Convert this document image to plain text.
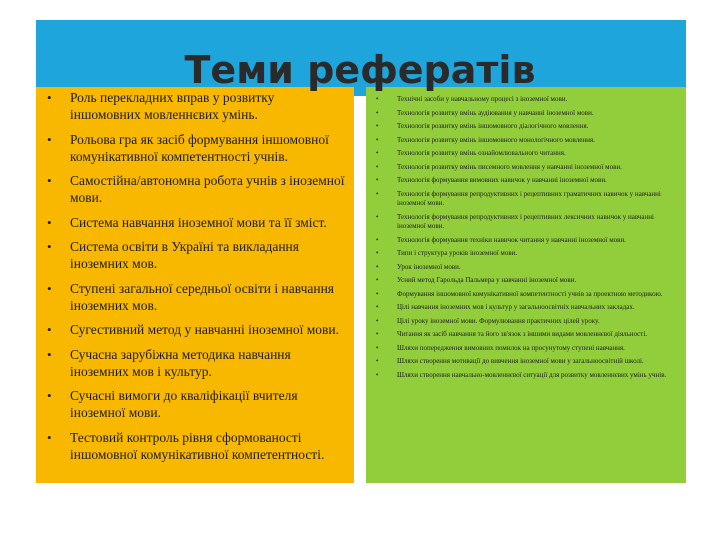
Теми рефератів
• Роль перекладних вправ у розвитку іншомовних мовленнєвих умінь.
• Рольова гра як засіб формування іншомовної комунікативної компетентності учнів.
• Самостійна/автономна робота учнів з іноземної мови.
• Система навчання іноземної мови та її зміст.
• Система освіти в Україні та викладання іноземних мов.
• Ступені загальної середньої освіти і навчання іноземних мов.
• Сугестивний метод у навчанні іноземної мови.
• Сучасна зарубіжна методика навчання іноземних мов і культур.
• Сучасні вимоги до кваліфікації вчителя іноземної мови.
• Тестовий контроль рівня сформованості іншомовної комунікативної компетентності.
• Технічні засоби у навчальному процесі з іноземної мови.
• Технологія розвитку вмінь аудіювання у навчанні іноземної мови.
• Технологія розвитку вмінь іншомовного діалогічного мовлення.
• Технологія розвитку вмінь іншомовного монологічного мовлення.
• Технологія розвитку вмінь ознайомлювального читання.
• Технологія розвитку вмінь писемного мовлення у навчанні іноземної мови.
• Технологія формування вимовних навичок у навчанні іноземної мови.
• Технологія формування репродуктивних і рецептивних граматичних навичок у навчанні іноземної мови.
• Технологія формування репродуктивних і рецептивних лексичних навичок у навчанні іноземної мови.
• Технологія формування техніки навичок читання у навчанні іноземної мови.
• Типи і структура уроків іноземної мови.
• Урок іноземної мови.
• Усний метод Гарольда Пальмера у навчанні іноземної мови.
• Формування іншомовної комунікативної компетентності учнів за проектною методикою.
• Цілі навчання іноземних мов і культур у загальноосвітніх навчальних закладах.
• Цілі уроку іноземної мови. Формулювання практичних цілей уроку.
• Читання як засіб навчання та його зв'язок з іншими видами мовленнєвої діяльності.
• Шляхи попередження вимовних помилок на просунутому ступені навчання.
• Шляхи створення мотивації до вивчення іноземної мови у загальноосвітній школі.
• Шляхи створення навчально-мовленнєвої ситуації для розвитку мовленнєвих умінь учнів.
